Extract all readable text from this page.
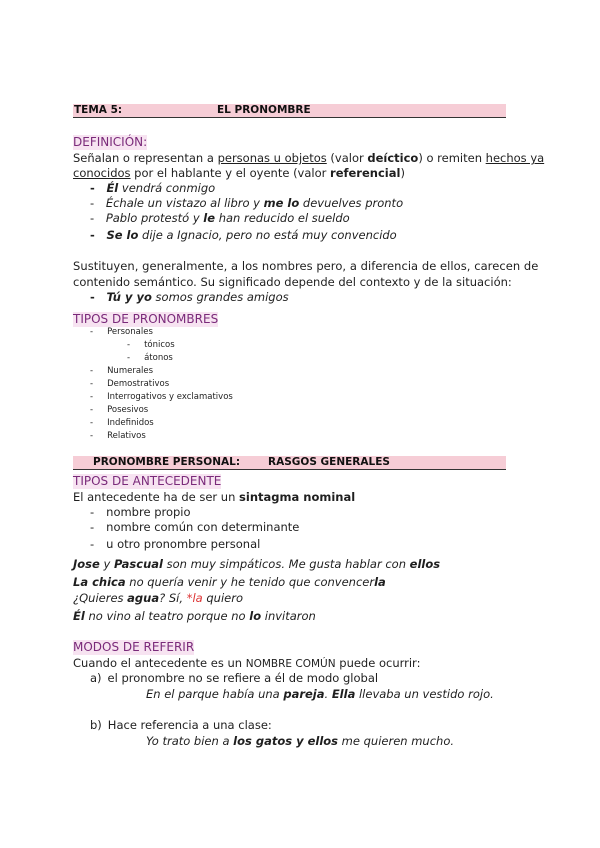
TEMA 5:	EL PRONOMBRE
DEFINICIÓN:
Señalan o representan a personas u objetos (valor deíctico) o remiten hechos ya
conocidos por el hablante y el oyente (valor referencial)
- Él vendrá conmigo
- Échale un vistazo al libro y me lo devuelves pronto
- Pablo protestó y le han reducido el sueldo
- Se lo dije a Ignacio, pero no está muy convencido
Sustituyen, generalmente, a los nombres pero, a diferencia de ellos, carecen de
contenido semántico. Su significado depende del contexto y de la situación:
- Tú y yo somos grandes amigos
TIPOS DE PRONOMBRES
- Personales
- tónicos
- átonos
- Numerales
- Demostrativos
- Interrogativos y exclamativos
- Posesivos
- Indefinidos
- Relativos
PRONOMBRE PERSONAL:	RASGOS GENERALES
TIPOS DE ANTECEDENTE
El antecedente ha de ser un sintagma nominal
- nombre propio
- nombre común con determinante
- u otro pronombre personal
Jose y Pascual son muy simpáticos. Me gusta hablar con ellos
La chica no quería venir y he tenido que convencerla
¿Quieres agua? Sí, *la quiero
Él no vino al teatro porque no lo invitaron
MODOS DE REFERIR
Cuando el antecedente es un NOMBRE COMÚN puede ocurrir:
a) el pronombre no se refiere a él de modo global
En el parque había una pareja. Ella llevaba un vestido rojo.
b) Hace referencia a una clase:
Yo trato bien a los gatos y ellos me quieren mucho.
